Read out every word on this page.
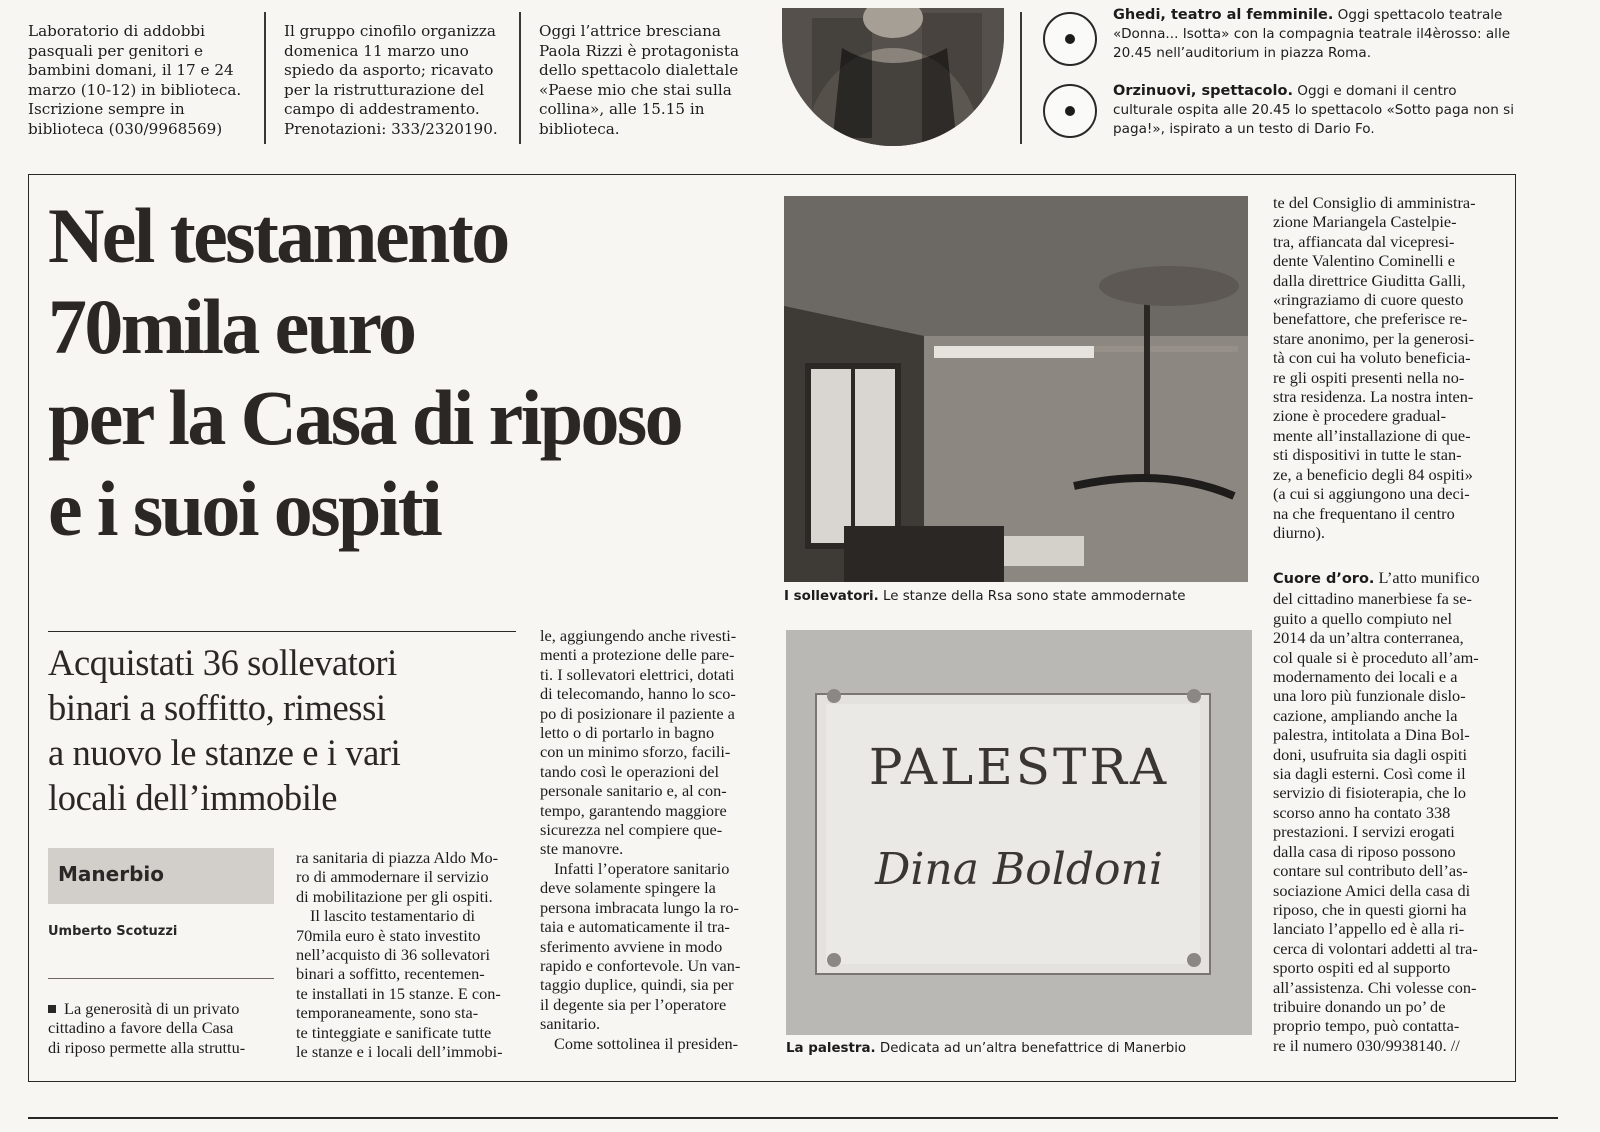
Laboratorio di addobbi
pasquali per genitori e
bambini domani, il 17 e 24
marzo (10-12) in biblioteca.
Iscrizione sempre in
biblioteca (030/9968569)
Il gruppo cinofilo organizza
domenica 11 marzo uno
spiedo da asporto; ricavato
per la ristrutturazione del
campo di addestramento.
Prenotazioni: 333/2320190.
Oggi l’attrice bresciana
Paola Rizzi è protagonista
dello spettacolo dialettale
«Paese mio che stai sulla
collina», alle 15.15 in
biblioteca.
Ghedi, teatro al femminile. Oggi spettacolo teatrale
«Donna... Isotta» con la compagnia teatrale il4èrosso: alle
20.45 nell’auditorium in piazza Roma.
Orzinuovi, spettacolo. Oggi e domani il centro
culturale ospita alle 20.45 lo spettacolo «Sotto paga non si
paga!», ispirato a un testo di Dario Fo.
Nel testamento
70mila euro
per la Casa di riposo
e i suoi ospiti
Acquistati 36 sollevatori
binari a soffitto, rimessi
a nuovo le stanze e i vari
locali dell’immobile
Manerbio
Umberto Scotuzzi
La generosità di un privato
cittadino a favore della Casa
di riposo permette alla struttu-
ra sanitaria di piazza Aldo Mo-
ro di ammodernare il servizio
di mobilitazione per gli ospiti.
Il lascito testamentario di
70mila euro è stato investito
nell’acquisto di 36 sollevatori
binari a soffitto, recentemen-
te installati in 15 stanze. E con-
temporaneamente, sono sta-
te tinteggiate e sanificate tutte
le stanze e i locali dell’immobi-
le, aggiungendo anche rivesti-
menti a protezione delle pare-
ti. I sollevatori elettrici, dotati
di telecomando, hanno lo sco-
po di posizionare il paziente a
letto o di portarlo in bagno
con un minimo sforzo, facili-
tando così le operazioni del
personale sanitario e, al con-
tempo, garantendo maggiore
sicurezza nel compiere que-
ste manovre.
Infatti l’operatore sanitario
deve solamente spingere la
persona imbracata lungo la ro-
taia e automaticamente il tra-
sferimento avviene in modo
rapido e confortevole. Un van-
taggio duplice, quindi, sia per
il degente sia per l’operatore
sanitario.
Come sottolinea il presiden-
I sollevatori. Le stanze della Rsa sono state ammodernate
PALESTRA
Dina Boldoni
La palestra. Dedicata ad un’altra benefattrice di Manerbio
te del Consiglio di amministra-
zione Mariangela Castelpie-
tra, affiancata dal vicepresi-
dente Valentino Cominelli e
dalla direttrice Giuditta Galli,
«ringraziamo di cuore questo
benefattore, che preferisce re-
stare anonimo, per la generosi-
tà con cui ha voluto beneficia-
re gli ospiti presenti nella no-
stra residenza. La nostra inten-
zione è procedere gradual-
mente all’installazione di que-
sti dispositivi in tutte le stan-
ze, a beneficio degli 84 ospiti»
(a cui si aggiungono una deci-
na che frequentano il centro
diurno).
Cuore d’oro. L’atto munifico
del cittadino manerbiese fa se-
guito a quello compiuto nel
2014 da un’altra conterranea,
col quale si è proceduto all’am-
modernamento dei locali e a
una loro più funzionale dislo-
cazione, ampliando anche la
palestra, intitolata a Dina Bol-
doni, usufruita sia dagli ospiti
sia dagli esterni. Così come il
servizio di fisioterapia, che lo
scorso anno ha contato 338
prestazioni. I servizi erogati
dalla casa di riposo possono
contare sul contributo dell’as-
sociazione Amici della casa di
riposo, che in questi giorni ha
lanciato l’appello ed è alla ri-
cerca di volontari addetti al tra-
sporto ospiti ed al supporto
all’assistenza. Chi volesse con-
tribuire donando un po’ de
proprio tempo, può contatta-
re il numero 030/9938140. //
